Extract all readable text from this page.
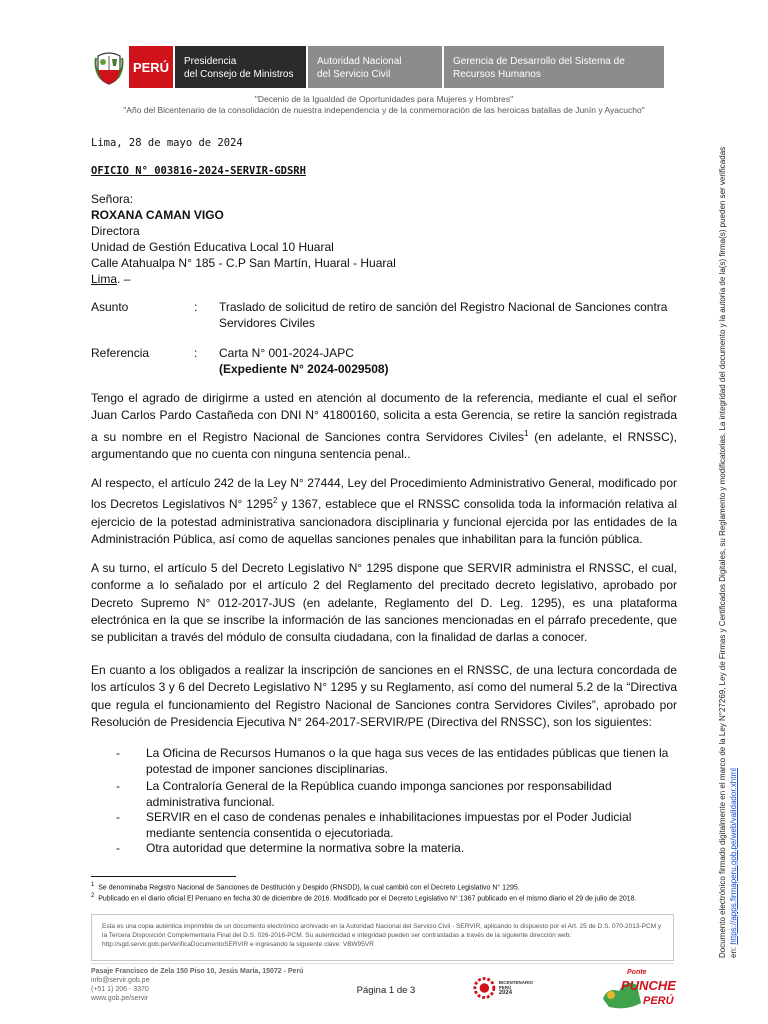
PERÚ	Presidencia
del Consejo de Ministros
Autoridad Nacional
del Servicio Civil
Gerencia de Desarrollo del Sistema de
Recursos Humanos
"Decenio de la Igualdad de Oportunidades para Mujeres y Hombres"
"Año del Bicentenario de la consolidación de nuestra independencia y de la conmemoración de las heroicas batallas de Junín y Ayacucho"
Lima, 28 de mayo de 2024
OFICIO N° 003816-2024-SERVIR-GDSRH
Señora:
ROXANA CAMAN VIGO
Directora
Unidad de Gestión Educativa Local 10 Huaral
Calle Atahualpa N° 185 - C.P San Martín, Huaral - Huaral
Lima. –
Asunto	: Traslado de solicitud de retiro de sanción del Registro Nacional de Sanciones contra
Servidores Civiles
Referencia	: Carta N° 001-2024-JAPC
(Expediente N° 2024-0029508)
Tengo el agrado de dirigirme a usted en atención al documento de la referencia, mediante el cual el señor Juan Carlos Pardo Castañeda con DNI N° 41800160, solicita a esta Gerencia, se retire la sanción registrada a su nombre en el Registro Nacional de Sanciones contra Servidores Civiles$^1$ (en adelante, el RNSSC), argumentando que no cuenta con ninguna sentencia penal..
Al respecto, el artículo 242 de la Ley N° 27444, Ley del Procedimiento Administrativo General, modificado por los Decretos Legislativos N° 1295$^2$ y 1367, establece que el RNSSC consolida toda la información relativa al ejercicio de la potestad administrativa sancionadora disciplinaria y funcional ejercida por las entidades de la Administración Pública, así como de aquellas sanciones penales que inhabilitan para la función pública.
A su turno, el artículo 5 del Decreto Legislativo N° 1295 dispone que SERVIR administra el RNSSC, el cual, conforme a lo señalado por el artículo 2 del Reglamento del precitado decreto legislativo, aprobado por Decreto Supremo N° 012-2017-JUS (en adelante, Reglamento del D. Leg. 1295), es una plataforma electrónica en la que se inscribe la información de las sanciones mencionadas en el párrafo precedente, que se publicitan a través del módulo de consulta ciudadana, con la finalidad de darlas a conocer.
En cuanto a los obligados a realizar la inscripción de sanciones en el RNSSC, de una lectura concordada de los artículos 3 y 6 del Decreto Legislativo N° 1295 y su Reglamento, así como del numeral 5.2 de la “Directiva que regula el funcionamiento del Registro Nacional de Sanciones contra Servidores Civiles”, aprobado por Resolución de Presidencia Ejecutiva N° 264-2017-SERVIR/PE (Directiva del RNSSC), son los siguientes:
- La Oficina de Recursos Humanos o la que haga sus veces de las entidades públicas que tienen la potestad de imponer sanciones disciplinarias.
- La Contraloría General de la República cuando imponga sanciones por responsabilidad administrativa funcional.
- SERVIR en el caso de condenas penales e inhabilitaciones impuestas por el Poder Judicial mediante sentencia consentida o ejecutoriada.
- Otra autoridad que determine la normativa sobre la materia.
$^1$ Se denominaba Registro Nacional de Sanciones de Destitución y Despido (RNSDD), la cual cambió con el Decreto Legislativo N° 1295.
$^2$ Publicado en el diario oficial El Peruano en fecha 30 de diciembre de 2016. Modificado por el Decreto Legislativo N° 1367 publicado en el mismo diario el 29 de julio de 2018.
Esta es una copia auténtica imprimible de un documento electrónico archivado en la Autoridad Nacional del Servicio Civil - SERVIR, aplicando lo dispuesto por el Art. 25 de D.S. 070-2013-PCM y la Tercera Disposición Complementaria Final del D.S. 026-2016-PCM. Su autenticidad e integridad pueden ser contrastadas a través de la siguiente dirección web: http://sgd.servir.gob.pe/VerificaDocumentoSERVIR e ingresando la siguiente clave: VBW95VR
Pasaje Francisco de Zela 150 Piso 10, Jesús María, 15072 - Perú
info@servir.gob.pe
(+51 1) 206 - 3370
www.gob.pe/servir
Página 1 de 3
BICENTENARIO
PERÚ
2024
Ponte
PUNCHE
PERÚ
Documento electrónico firmado digitalmente en el marco de la Ley N°27269, Ley de Firmas y Certificados Digitales, su Reglamento y modificatorias. La integridad del documento y la autoría de la(s) firma(s) pueden ser verificadas en: https://apps.firmaperu.gob.pe/web/validador.xhtml
